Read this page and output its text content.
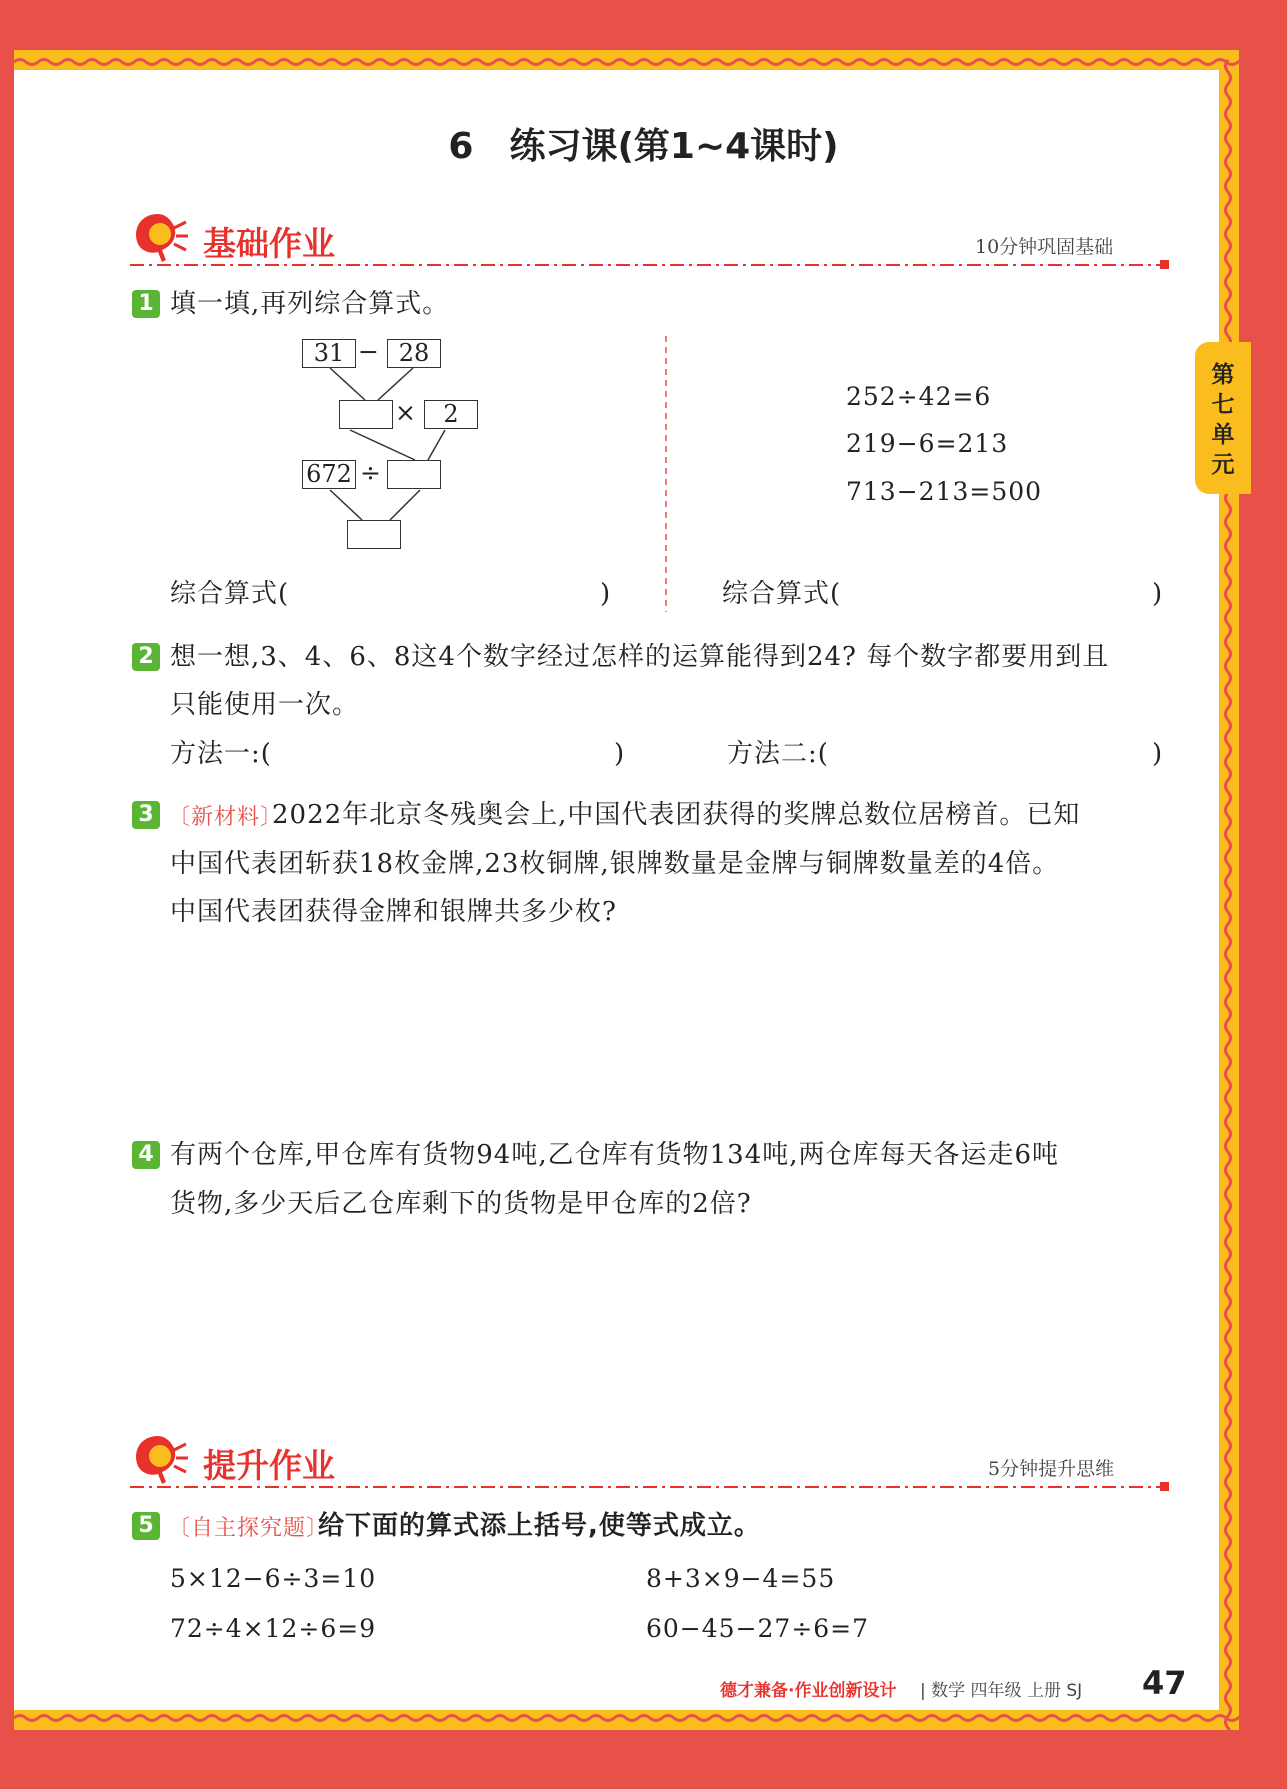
第
七
单
元
6　练习课(第1~4课时)
基础作业	10分钟巩固基础
1 填一填,再列综合算式。
31 − 28
×	2
672 ÷
252÷42=6
219−6=213
713−213=500
综合算式(	)	综合算式(	)
2 想一想,3、4、6、8这4个数字经过怎样的运算能得到24? 每个数字都要用到且
只能使用一次。
方法一:(	)	方法二:(	)
3 〔新材料〕
2022年北京冬残奥会上,中国代表团获得的奖牌总数位居榜首。已知
中国代表团斩获18枚金牌,23枚铜牌,银牌数量是金牌与铜牌数量差的4倍。
中国代表团获得金牌和银牌共多少枚?
4 有两个仓库,甲仓库有货物94吨,乙仓库有货物134吨,两仓库每天各运走6吨
货物,多少天后乙仓库剩下的货物是甲仓库的2倍?
提升作业	5分钟提升思维
5 〔自主探究题〕
给下面的算式添上括号,使等式成立。
5×12−6÷3=10	8+3×9−4=55
72÷4×12÷6=9	60−45−27÷6=7
德才兼备·作业创新设计 | 数学 四年级 上册 SJ 47
